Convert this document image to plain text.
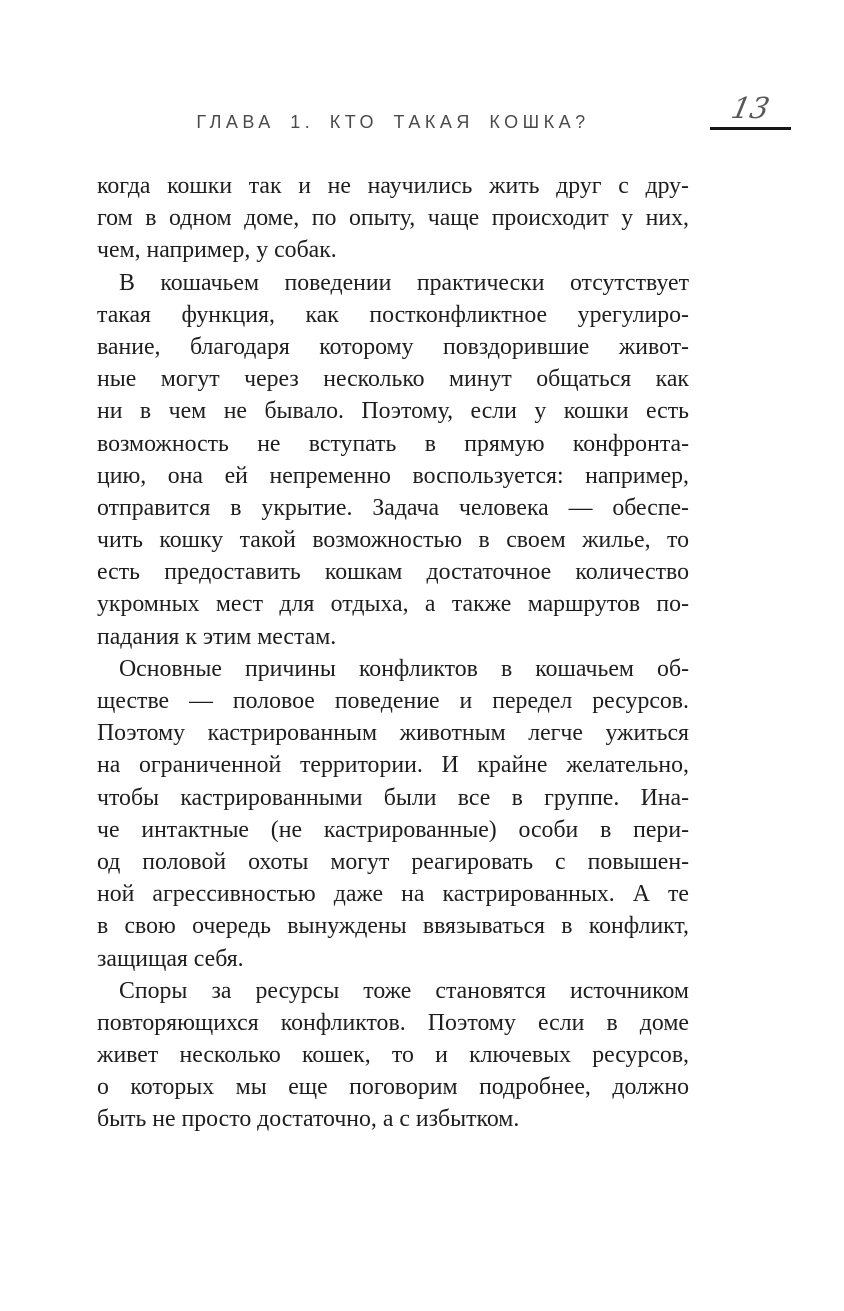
ГЛАВА 1. КТО ТАКАЯ КОШКА?	13
когда кошки так и не научились жить друг с дру-
гом в одном доме, по опыту, чаще происходит у них,
чем, например, у собак.
В кошачьем поведении практически отсутствует
такая функция, как постконфликтное урегулиро-
вание, благодаря которому повздорившие живот-
ные могут через несколько минут общаться как
ни в чем не бывало. Поэтому, если у кошки есть
возможность не вступать в прямую конфронта-
цию, она ей непременно воспользуется: например,
отправится в укрытие. Задача человека — обеспе-
чить кошку такой возможностью в своем жилье, то
есть предоставить кошкам достаточное количество
укромных мест для отдыха, а также маршрутов по-
падания к этим местам.
Основные причины конфликтов в кошачьем об-
ществе — половое поведение и передел ресурсов.
Поэтому кастрированным животным легче ужиться
на ограниченной территории. И крайне желательно,
чтобы кастрированными были все в группе. Ина-
че интактные (не кастрированные) особи в пери-
од половой охоты могут реагировать с повышен-
ной агрессивностью даже на кастрированных. А те
в свою очередь вынуждены ввязываться в конфликт,
защищая себя.
Споры за ресурсы тоже становятся источником
повторяющихся конфликтов. Поэтому если в доме
живет несколько кошек, то и ключевых ресурсов,
о которых мы еще поговорим подробнее, должно
быть не просто достаточно, а с избытком.
